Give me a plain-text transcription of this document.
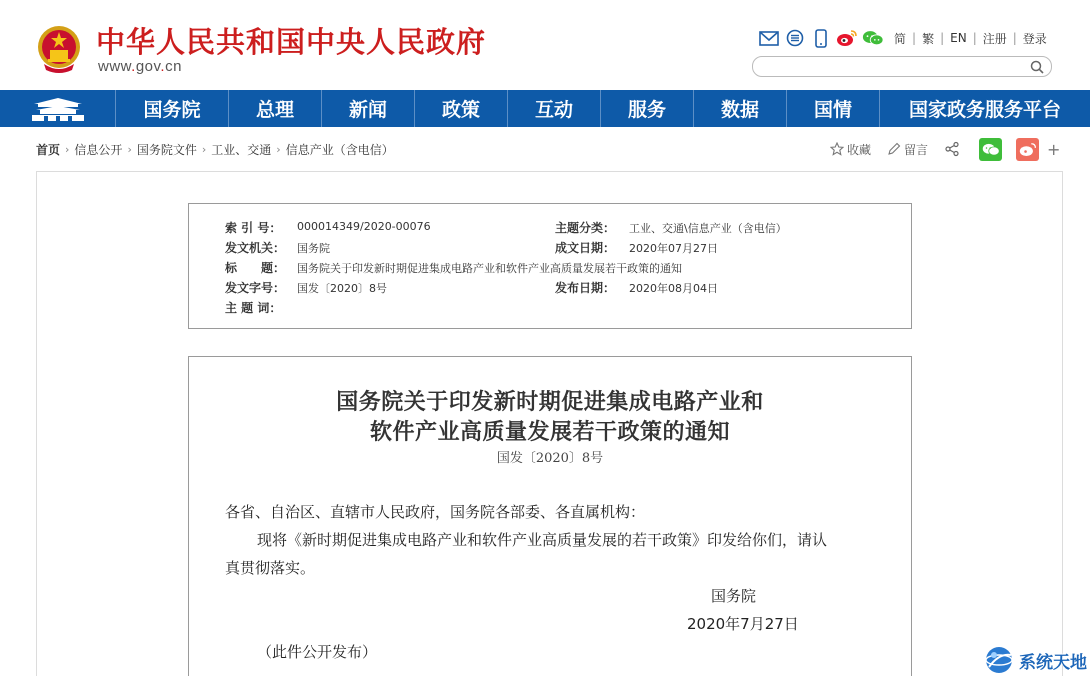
中华人民共和国中央人民政府
www.gov.cn
简 | 繁 | EN | 注册 | 登录
国务院	总理	新闻	政策	互动	服务	数据	国情	国家政务服务平台
首页 › 信息公开 › 国务院文件 › 工业、交通 › 信息产业（含电信）	收藏	留言	+
索 引 号： 000014349/2020-00076	主题分类： 工业、交通\信息产业（含电信）
发文机关： 国务院	成文日期： 2020年07月27日
标　　题： 国务院关于印发新时期促进集成电路产业和软件产业高质量发展若干政策的通知
发文字号： 国发〔2020〕8号	发布日期： 2020年08月04日
主 题 词：
国务院关于印发新时期促进集成电路产业和
软件产业高质量发展若干政策的通知
国发〔2020〕8号
各省、自治区、直辖市人民政府，国务院各部委、各直属机构：
现将《新时期促进集成电路产业和软件产业高质量发展的若干政策》印发给你们，请认
真贯彻落实。
国务院
2020年7月27日
（此件公开发布）
系统天地
